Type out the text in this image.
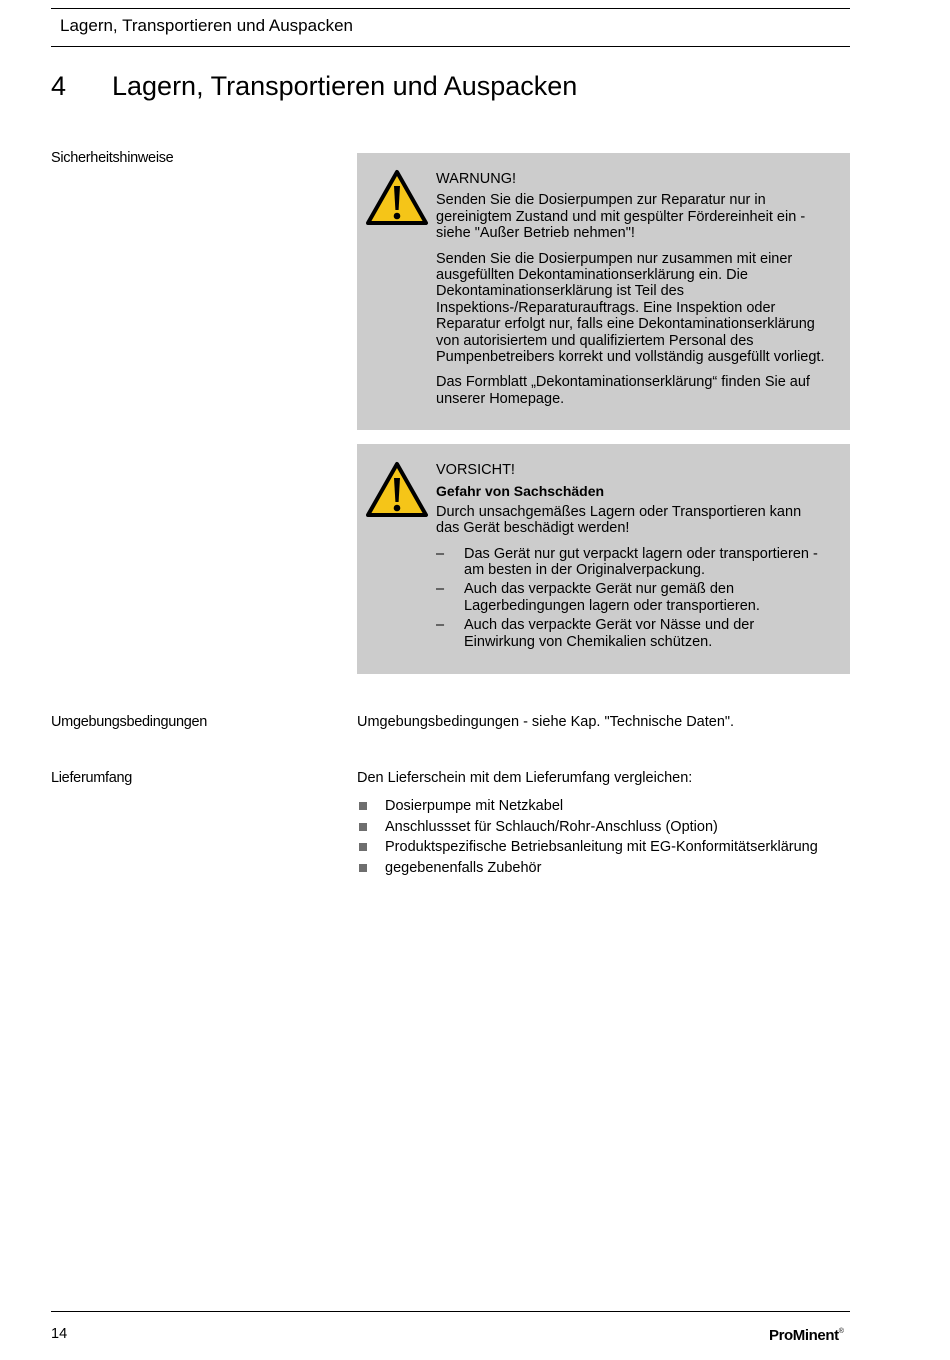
Lagern, Transportieren und Auspacken
4 Lagern, Transportieren und Auspacken
Sicherheitshinweise

WARNUNG!

Senden Sie die Dosierpumpen zur Reparatur nur in gereinigtem Zustand und mit gespülter Fördereinheit ein - siehe "Außer Betrieb nehmen"!

Senden Sie die Dosierpumpen nur zusammen mit einer ausgefüllten Dekontaminationserklärung ein. Die Dekontaminationserklärung ist Teil des Inspektions-/Reparaturauftrags. Eine Inspektion oder Reparatur erfolgt nur, falls eine Dekontaminationserklärung von autorisiertem und qualifiziertem Personal des Pumpenbetreibers korrekt und vollständig ausgefüllt vorliegt.

Das Formblatt „Dekontaminationserklärung“ finden Sie auf unserer Homepage.

VORSICHT!

Gefahr von Sachschäden

Durch unsachgemäßes Lagern oder Transportieren kann das Gerät beschädigt werden!

– Das Gerät nur gut verpackt lagern oder transportieren - am besten in der Originalverpackung.
– Auch das verpackte Gerät nur gemäß den Lagerbedingungen lagern oder transportieren.
– Auch das verpackte Gerät vor Nässe und der Einwirkung von Chemikalien schützen.
Umgebungsbedingungen	Umgebungsbedingungen - siehe Kap. "Technische Daten".
Lieferumfang	Den Lieferschein mit dem Lieferumfang vergleichen:
Dosierpumpe mit Netzkabel
Anschlussset für Schlauch/Rohr-Anschluss (Option)
Produktspezifische Betriebsanleitung mit EG-Konformitätserklärung
gegebenenfalls Zubehör
14	ProMinent®
